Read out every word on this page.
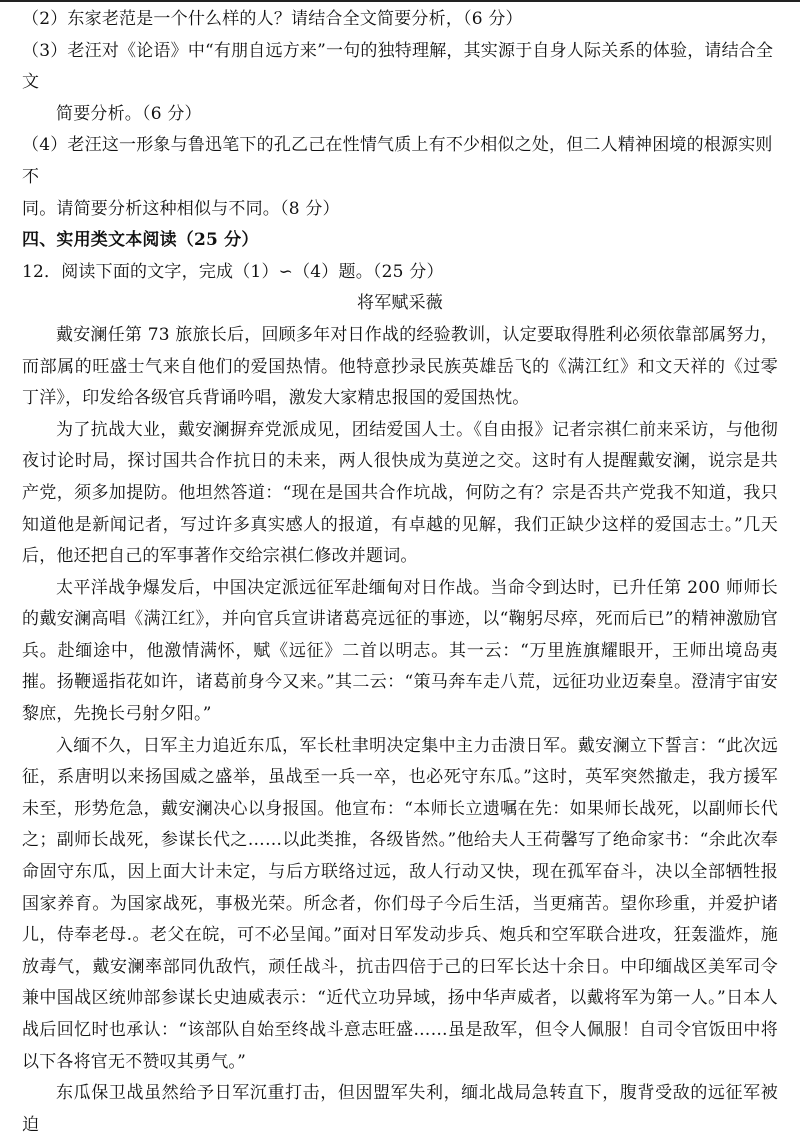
（2）东家老范是一个什么样的人？请结合全文简要分析，（6 分）

（3）老汪对《论语》中“有朋自远方来”一句的独特理解，其实源于自身人际关系的体验，请结合全文
简要分析。（6 分）

（4）老汪这一形象与鲁迅笔下的孔乙己在性情气质上有不少相似之处，但二人精神困境的根源实则不
同。请简要分析这种相似与不同。（8 分）

四、实用类文本阅读（25 分）

12．阅读下面的文字，完成（1）∽（4）题。（25 分）

将军赋采薇

戴安澜任第 73 旅旅长后，回顾多年对日作战的经验教训，认定要取得胜利必须依靠部属努力，而部属的旺盛士气来自他们的爱国热情。他特意抄录民族英雄岳飞的《满江红》和文天祥的《过零丁洋》，印发给各级官兵背诵吟唱，激发大家精忠报国的爱国热忱。

为了抗战大业，戴安澜摒弃党派成见，团结爱国人士。《自由报》记者宗祺仁前来采访，与他彻夜讨论时局，探讨国共合作抗日的未来，两人很快成为莫逆之交。这时有人提醒戴安澜，说宗是共产党，须多加提防。他坦然答道：“现在是国共合作坑战，何防之有？宗是否共产党我不知道，我只知道他是新闻记者，写过许多真实感人的报道，有卓越的见解，我们正缺少这样的爱国志士。”几天后，他还把自己的军事著作交给宗祺仁修改并题词。

太平洋战争爆发后，中国决定派远征军赴缅甸对日作战。当命令到达时，已升任第 200 师师长的戴安澜高唱《满江红》，并向官兵宣讲诸葛亮远征的事迹，以“鞠躬尽瘁，死而后已”的精神激励官兵。赴缅途中，他激情满怀，赋《远征》二首以明志。其一云：“万里旌旗耀眼开，王师出境岛夷摧。扬鞭遥指花如许，诸葛前身今又来。”其二云：“策马奔车走八荒，远征功业迈秦皇。澄清宇宙安黎庶，先挽长弓射夕阳。”

入缅不久，日军主力追近东瓜，军长杜聿明决定集中主力击溃日军。戴安澜立下誓言：“此次远征，系唐明以来扬国威之盛举，虽战至一兵一卒，也必死守东瓜。”这时，英军突然撤走，我方援军未至，形势危急，戴安澜决心以身报国。他宣布：“本师长立遗嘱在先：如果师长战死，以副师长代之；副师长战死，参谋长代之……以此类推，各级皆然。”他给夫人王荷馨写了绝命家书：“余此次奉命固守东瓜，因上面大计未定，与后方联络过远，敌人行动又快，现在孤军奋斗，决以全部牺牲报国家养育。为国家战死，事极光荣。所念者，你们母子今后生活，当更痛苦。望你珍重，并爱护诸儿，侍奉老母.。老父在皖，可不必呈闻。”面对日军发动步兵、炮兵和空军联合进攻，狂轰滥炸，施放毒气，戴安澜率部同仇敌忾，顽任战斗，抗击四倍于己的曰军长达十余日。中印缅战区美军司令兼中国战区统帅部参谋长史迪威表示：“近代立功异域，扬中华声威者，以戴将军为第一人。”日本人战后回忆时也承认：“该部队自始至终战斗意志旺盛……虽是敌军，但令人佩服！自司令官饭田中将以下各将官无不赞叹其勇气。”

东瓜保卫战虽然给予日军沉重打击，但因盟军失利，缅北战局急转直下，腹背受敌的远征军被迫
